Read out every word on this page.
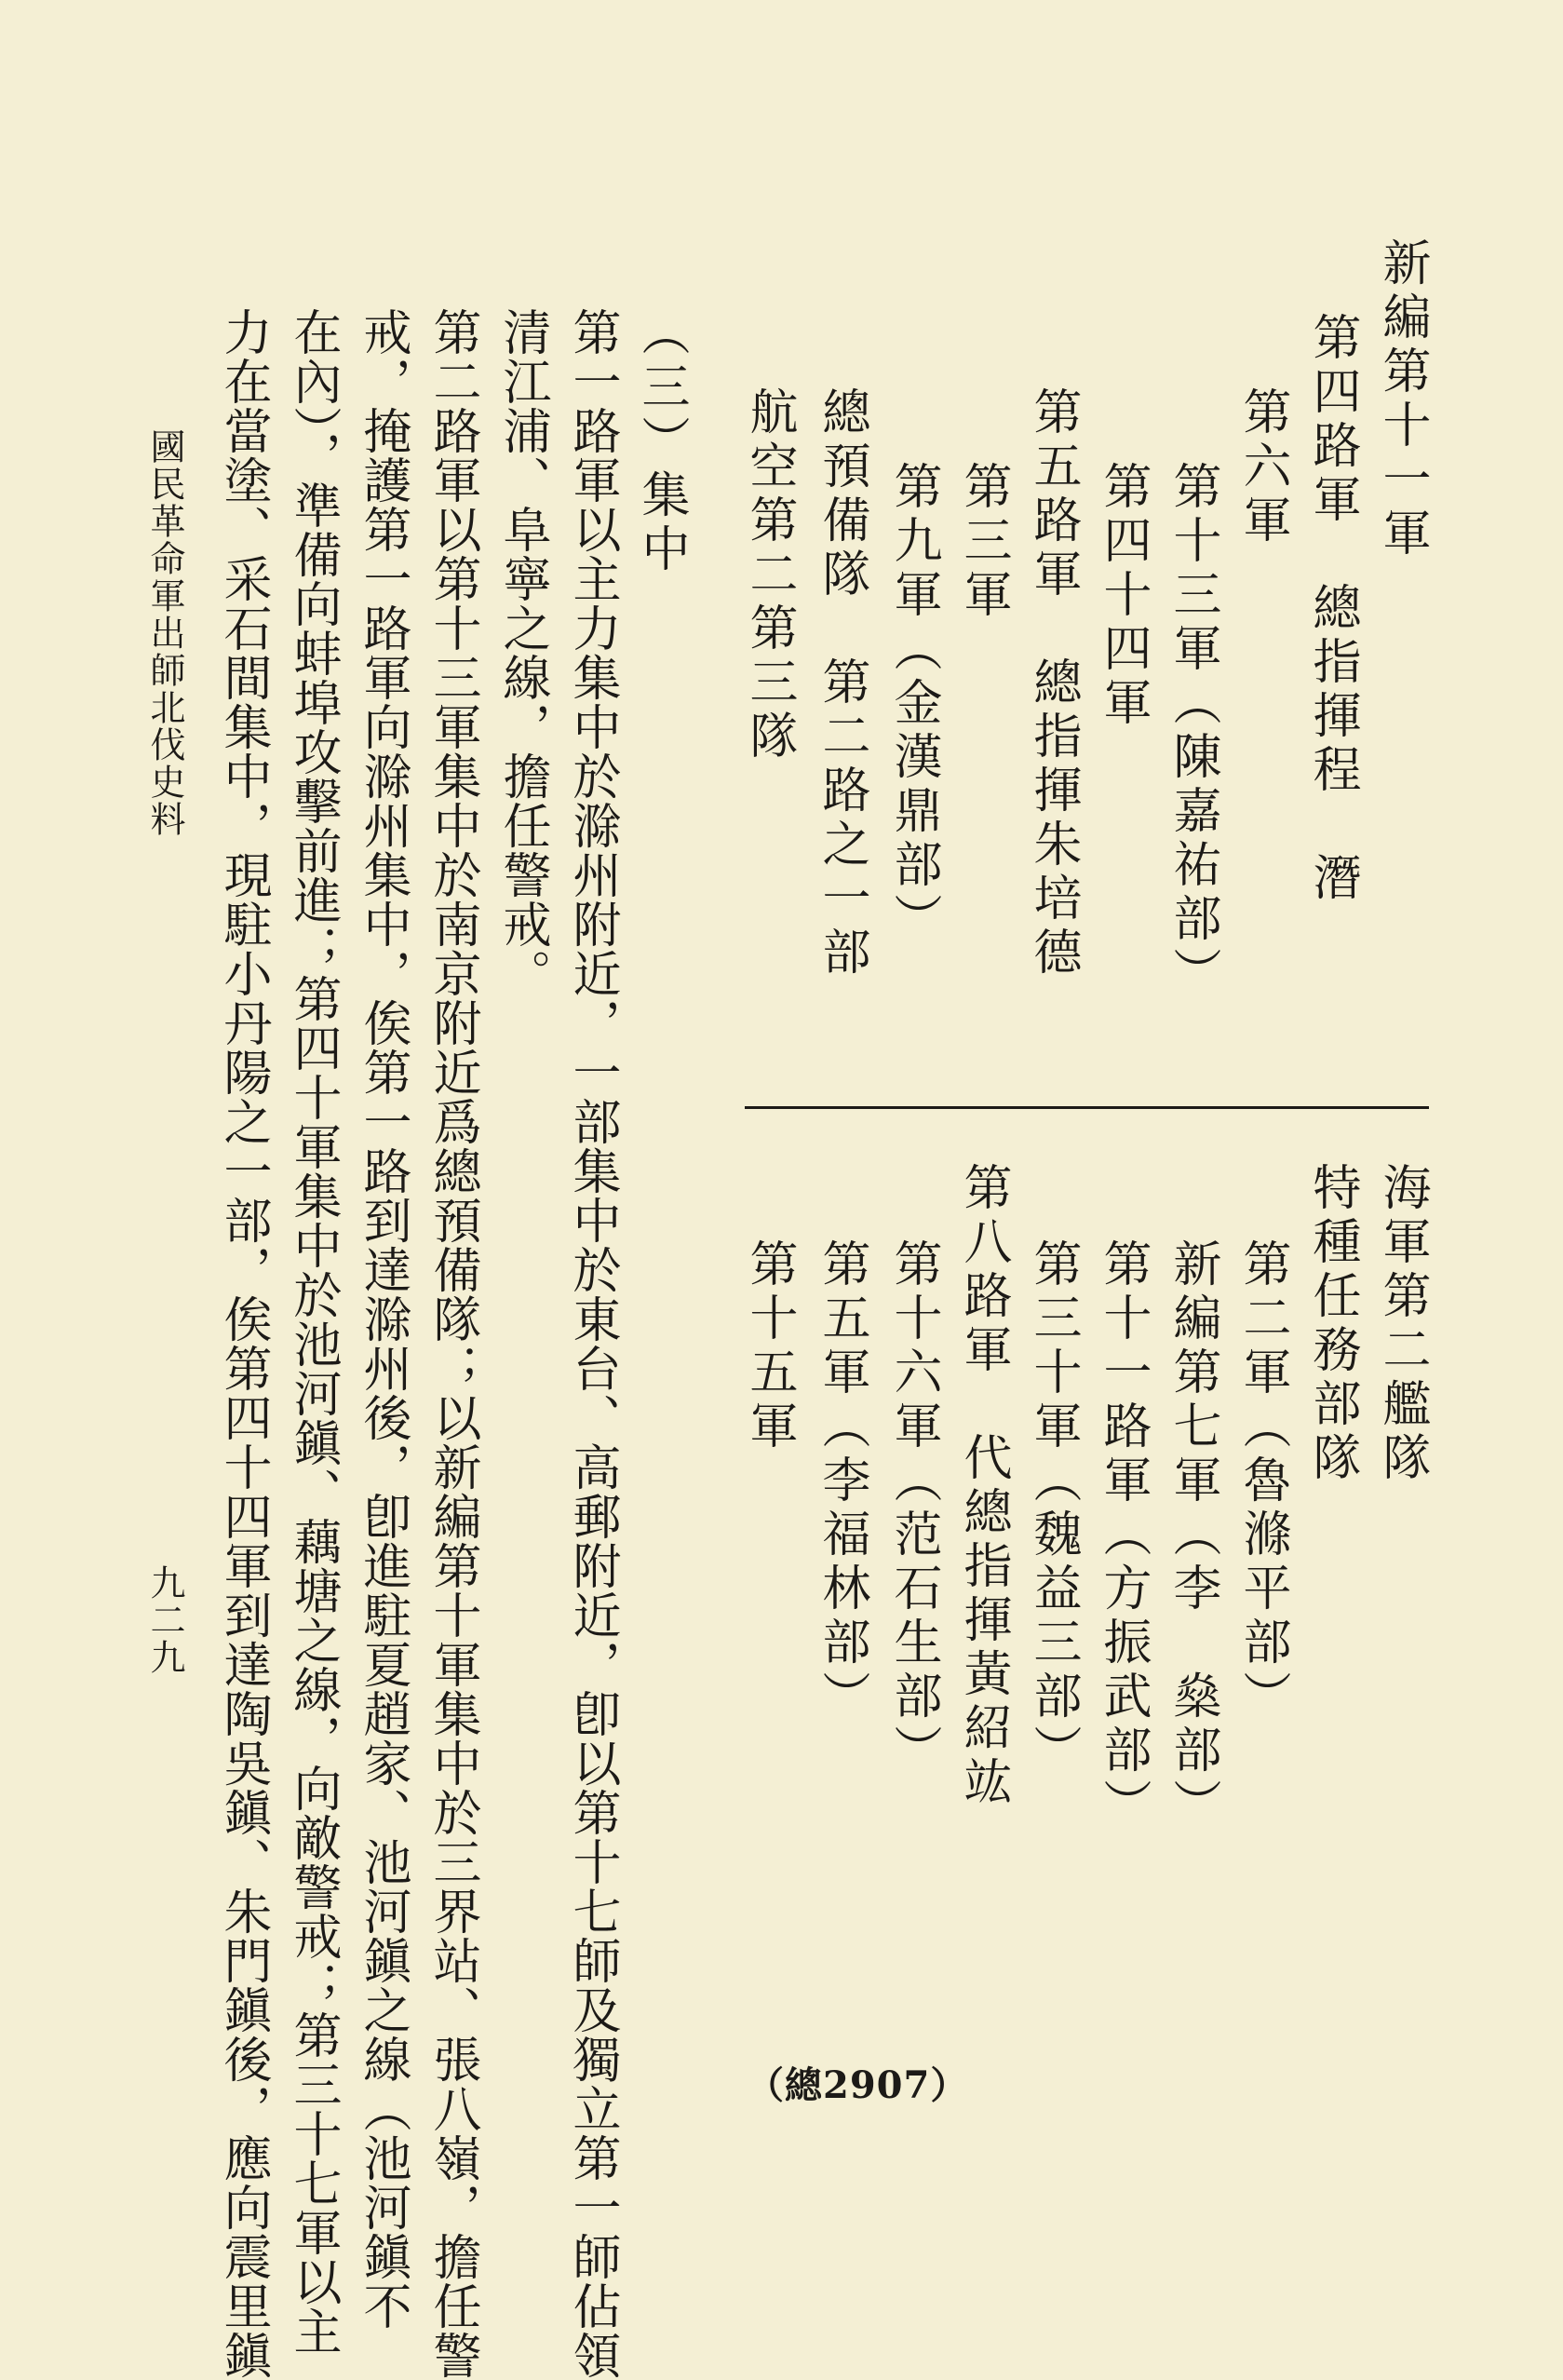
新編第十一軍
第四路軍　總指揮程　潛
第六軍
第十三軍（陳嘉祐部）
第四十四軍
第五路軍　總指揮朱培德
第三軍
第九軍（金漢鼎部）
總預備隊　第二路之一部
航空第二第三隊
海軍第二艦隊
特種任務部隊
第二軍（魯滌平部）
新編第七軍（李　燊部）
第十一路軍（方振武部）
第三十軍（魏益三部）
第八路軍　代總指揮黃紹竑
第十六軍（范石生部）
第五軍（李福林部）
第十五軍
（三）集中
第一路軍以主力集中於滁州附近，一部集中於東台、高郵附近，卽以第十七師及獨立第一師佔領
清江浦、阜寧之線，擔任警戒。
第二路軍以第十三軍集中於南京附近爲總預備隊；以新編第十軍集中於三界站、張八嶺，擔任警
戒，掩護第一路軍向滁州集中，俟第一路到達滁州後，卽進駐夏趙家、池河鎭之線（池河鎭不
在內），準備向蚌埠攻擊前進；第四十軍集中於池河鎭、藕塘之線，向敵警戒；第三十七軍以主
力在當塗、采石間集中，現駐小丹陽之一部，俟第四十四軍到達陶吳鎭、朱門鎭後，應向震里鎭
國民革命軍出師北伐史料
九二九
（總2907）
